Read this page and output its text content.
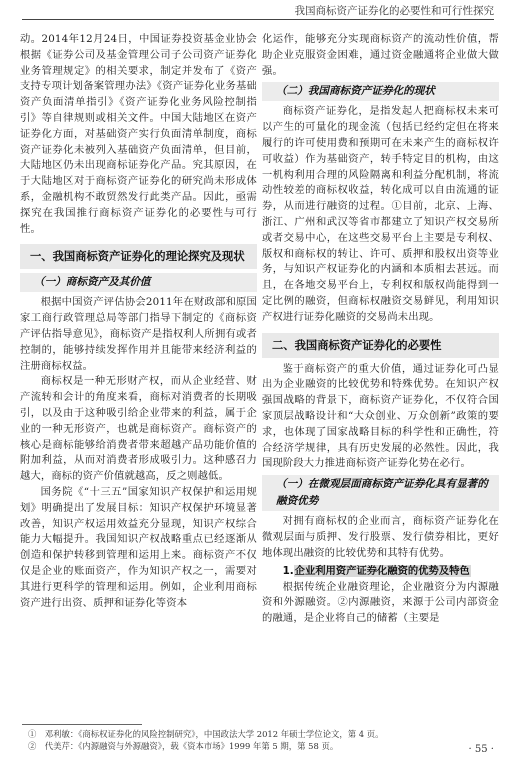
我国商标资产证券化的必要性和可行性探究

动。2014年12月24日，中国证券投资基金业协会根据《证券公司及基金管理公司子公司资产证券化业务管理规定》的相关要求，制定并发布了《资产支持专项计划备案管理办法》《资产证券化业务基础资产负面清单指引》《资产证券化业务风险控制指引》等自律规则或相关文件。中国大陆地区在资产证券化方面，对基础资产实行负面清单制度，商标资产证券化未被列入基础资产负面清单，但目前，大陆地区仍未出现商标证券化产品。究其原因，在于大陆地区对于商标资产证券化的研究尚未形成体系，金融机构不敢贸然发行此类产品。因此，亟需探究在我国推行商标资产证券化的必要性与可行性。

一、我国商标资产证券化的理论探究及现状
（一）商标资产及其价值

根据中国资产评估协会2011年在财政部和原国家工商行政管理总局等部门指导下制定的《商标资产评估指导意见》，商标资产是指权利人所拥有或者控制的，能够持续发挥作用并且能带来经济利益的注册商标权益。

商标权是一种无形财产权，而从企业经营、财产流转和会计的角度来看，商标对消费者的长期吸引，以及由于这种吸引给企业带来的利益，属于企业的一种无形资产，也就是商标资产。商标资产的核心是商标能够给消费者带来超越产品功能价值的附加利益，从而对消费者形成吸引力。这种感召力越大，商标的资产价值就越高，反之则越低。

国务院《“十三五”国家知识产权保护和运用规划》明确提出了发展目标：知识产权保护环境显著改善，知识产权运用效益充分显现，知识产权综合能力大幅提升。我国知识产权战略重点已经逐渐从创造和保护转移到管理和运用上来。商标资产不仅仅是企业的账面资产，作为知识产权之一，需要对其进行更科学的管理和运用。例如，企业利用商标资产进行出资、质押和证券化等资本

化运作，能够充分实现商标资产的流动性价值，帮助企业克服资金困难，通过资金融通将企业做大做强。

（二）我国商标资产证券化的现状

商标资产证券化，是指发起人把商标权未来可以产生的可量化的现金流（包括已经约定但在将来履行的许可使用费和预期可在未来产生的商标权许可收益）作为基础资产，转手特定目的机构，由这一机构利用合理的风险隔离和利益分配机制，将流动性较差的商标权收益，转化成可以自由流通的证券，从而进行融资的过程。①目前，北京、上海、浙江、广州和武汉等省市都建立了知识产权交易所或者交易中心，在这些交易平台上主要是专利权、版权和商标权的转让、许可、质押和股权出资等业务，与知识产权证券化的内涵和本质相去甚远。而且，在各地交易平台上，专利权和版权尚能得到一定比例的融资，但商标权融资交易鲜见，利用知识产权进行证券化融资的交易尚未出现。

二、我国商标资产证券化的必要性

鉴于商标资产的重大价值，通过证券化可凸显出为企业融资的比较优势和特殊优势。在知识产权强国战略的背景下，商标资产证券化，不仅符合国家顶层战略设计和“大众创业、万众创新”政策的要求，也体现了国家战略目标的科学性和正确性，符合经济学规律，具有历史发展的必然性。因此，我国现阶段大力推进商标资产证券化势在必行。

（一）在微观层面商标资产证券化具有显著的融资优势

对拥有商标权的企业而言，商标资产证券化在微观层面与质押、发行股票、发行债券相比，更好地体现出融资的比较优势和其特有优势。

1.企业利用资产证券化融资的优势及特色

根据传统企业融资理论，企业融资分为内源融资和外源融资。②内源融资，来源于公司内部资金的融通，是企业将自己的储蓄（主要是

①　邓利敏：《商标权证券化的风险控制研究》，中国政法大学 2012 年硕士学位论文，第 4 页。
②　代美芹：《内源融资与外源融资》，载《资本市场》1999 年第 5 期，第 58 页。	· 55 ·
